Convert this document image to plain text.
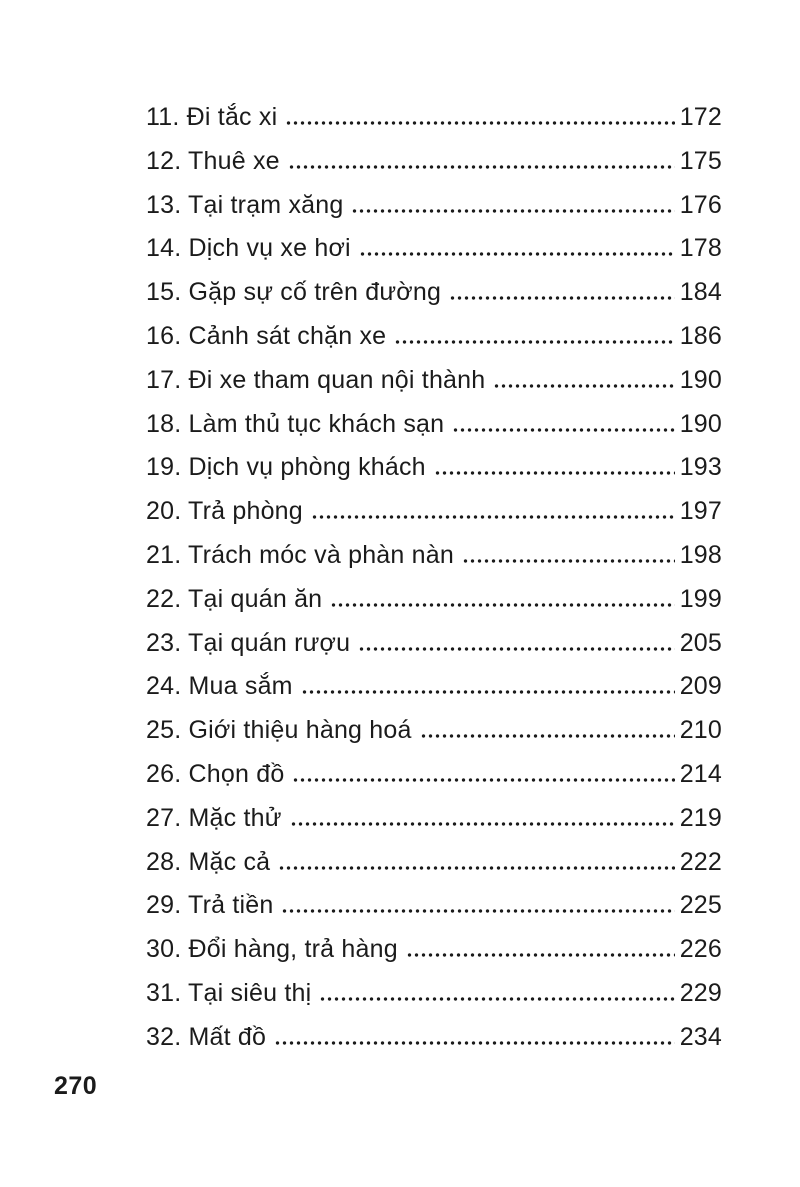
11. Đi tắc xi	172
12. Thuê xe	175
13. Tại trạm xăng	176
14. Dịch vụ xe hơi	178
15. Gặp sự cố trên đường	184
16. Cảnh sát chặn xe	186
17. Đi xe tham quan nội thành	190
18. Làm thủ tục khách sạn	190
19. Dịch vụ phòng khách	193
20. Trả phòng	197
21. Trách móc và phàn nàn	198
22. Tại quán ăn	199
23. Tại quán rượu	205
24. Mua sắm	209
25. Giới thiệu hàng hoá	210
26. Chọn đồ	214
27. Mặc thử	219
28. Mặc cả	222
29. Trả tiền	225
30. Đổi hàng, trả hàng	226
31. Tại siêu thị	229
32. Mất đồ	234
270
